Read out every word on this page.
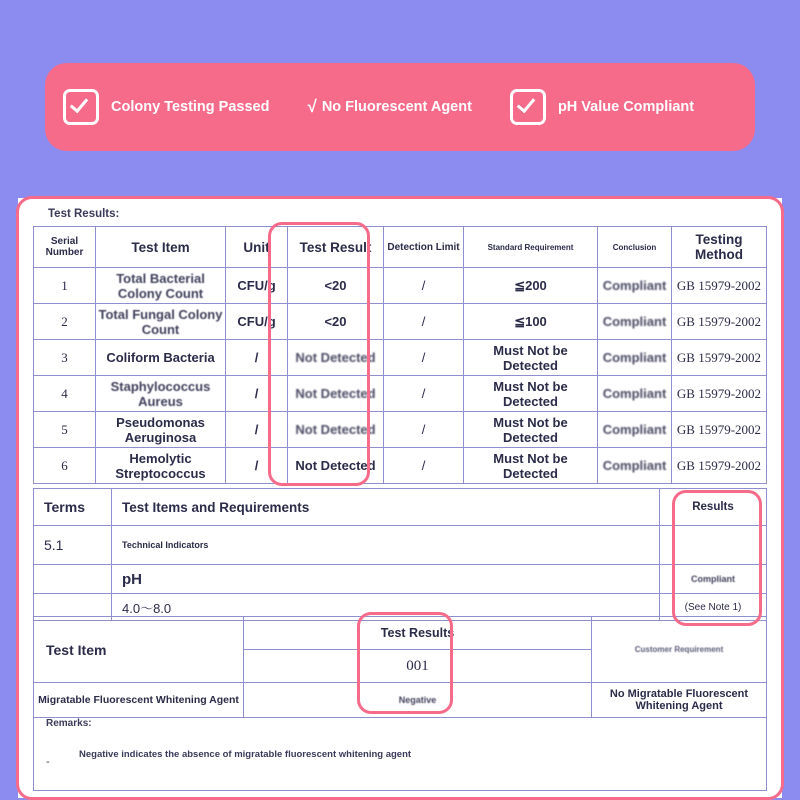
Colony Testing Passed √ No Fluorescent Agent	pH Value Compliant
Test Results:
Serial Number	Test Item	Unit	Test Result	Detection Limit	Standard Requirement	Conclusion	Testing Method
1	Total Bacterial Colony Count	CFU/g	<20	/	≦200	Compliant	GB 15979-2002
2	Total Fungal Colony Count	CFU/g	<20	/	≦100	Compliant	GB 15979-2002
3	Coliform Bacteria	/	Not Detected	/	Must Not be Detected	Compliant	GB 15979-2002
4	Staphylococcus Aureus	/	Not Detected	/	Must Not be Detected	Compliant	GB 15979-2002
5	Pseudomonas Aeruginosa	/	Not Detected	/	Must Not be Detected	Compliant	GB 15979-2002
6	Hemolytic Streptococcus	/	Not Detected	/	Must Not be Detected	Compliant	GB 15979-2002
Terms	Test Items and Requirements	Results
5.1	Technical Indicators	
	pH	Compliant
	4.0～8.0	(See Note 1)
Test Item	Test Results	Customer Requirement
	001	
Migratable Fluorescent Whitening Agent	Negative	No Migratable Fluorescent Whitening Agent
Remarks:
-
Negative indicates the absence of migratable fluorescent whitening agent
